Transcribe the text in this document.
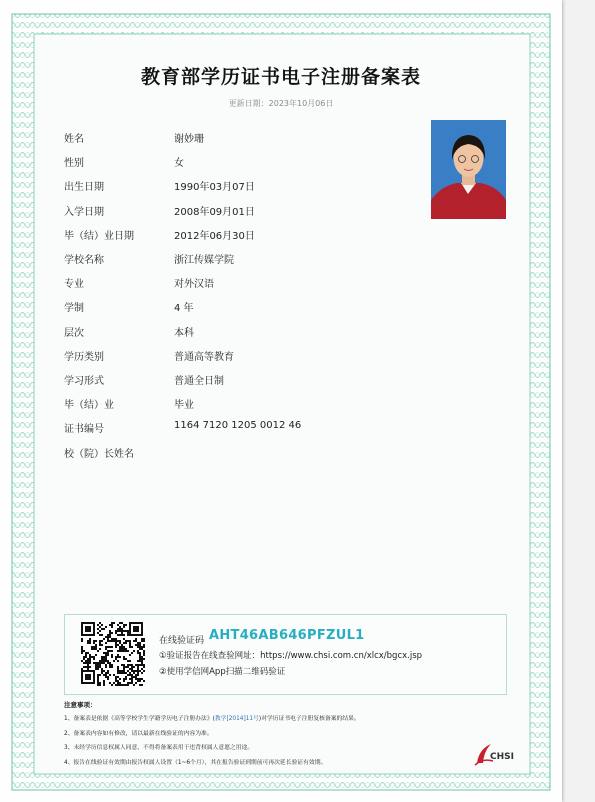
教育部学历证书电子注册备案表
更新日期：2023年10月06日
姓名	谢妙珊
性别	女
出生日期	1990年03月07日
入学日期	2008年09月01日
毕（结）业日期	2012年06月30日
学校名称	浙江传媒学院
专业	对外汉语
学制	4 年
层次	本科
学历类别	普通高等教育
学习形式	普通全日制
毕（结）业	毕业
证书编号	1164 7120 1205 0012 46
校（院）长姓名
在线验证码 AHT46AB646PFZUL1
①验证报告在线查验网址：https://www.chsi.com.cn/xlcx/bgcx.jsp
②使用学信网App扫描二维码验证
注意事项：
1、备案表是依据《高等学校学生学籍学历电子注册办法》(教学[2014]11号)对学历证书电子注册复核备案的结果。
2、备案表内容如有修改，请以最新在线验证的内容为准。
3、未经学历信息权属人同意，不得将备案表用于违背权属人意愿之用途。
4、报告在线验证有效期由报告权属人设置（1~6个月），其在报告验证到期前可再次延长验证有效期。
CHSI
